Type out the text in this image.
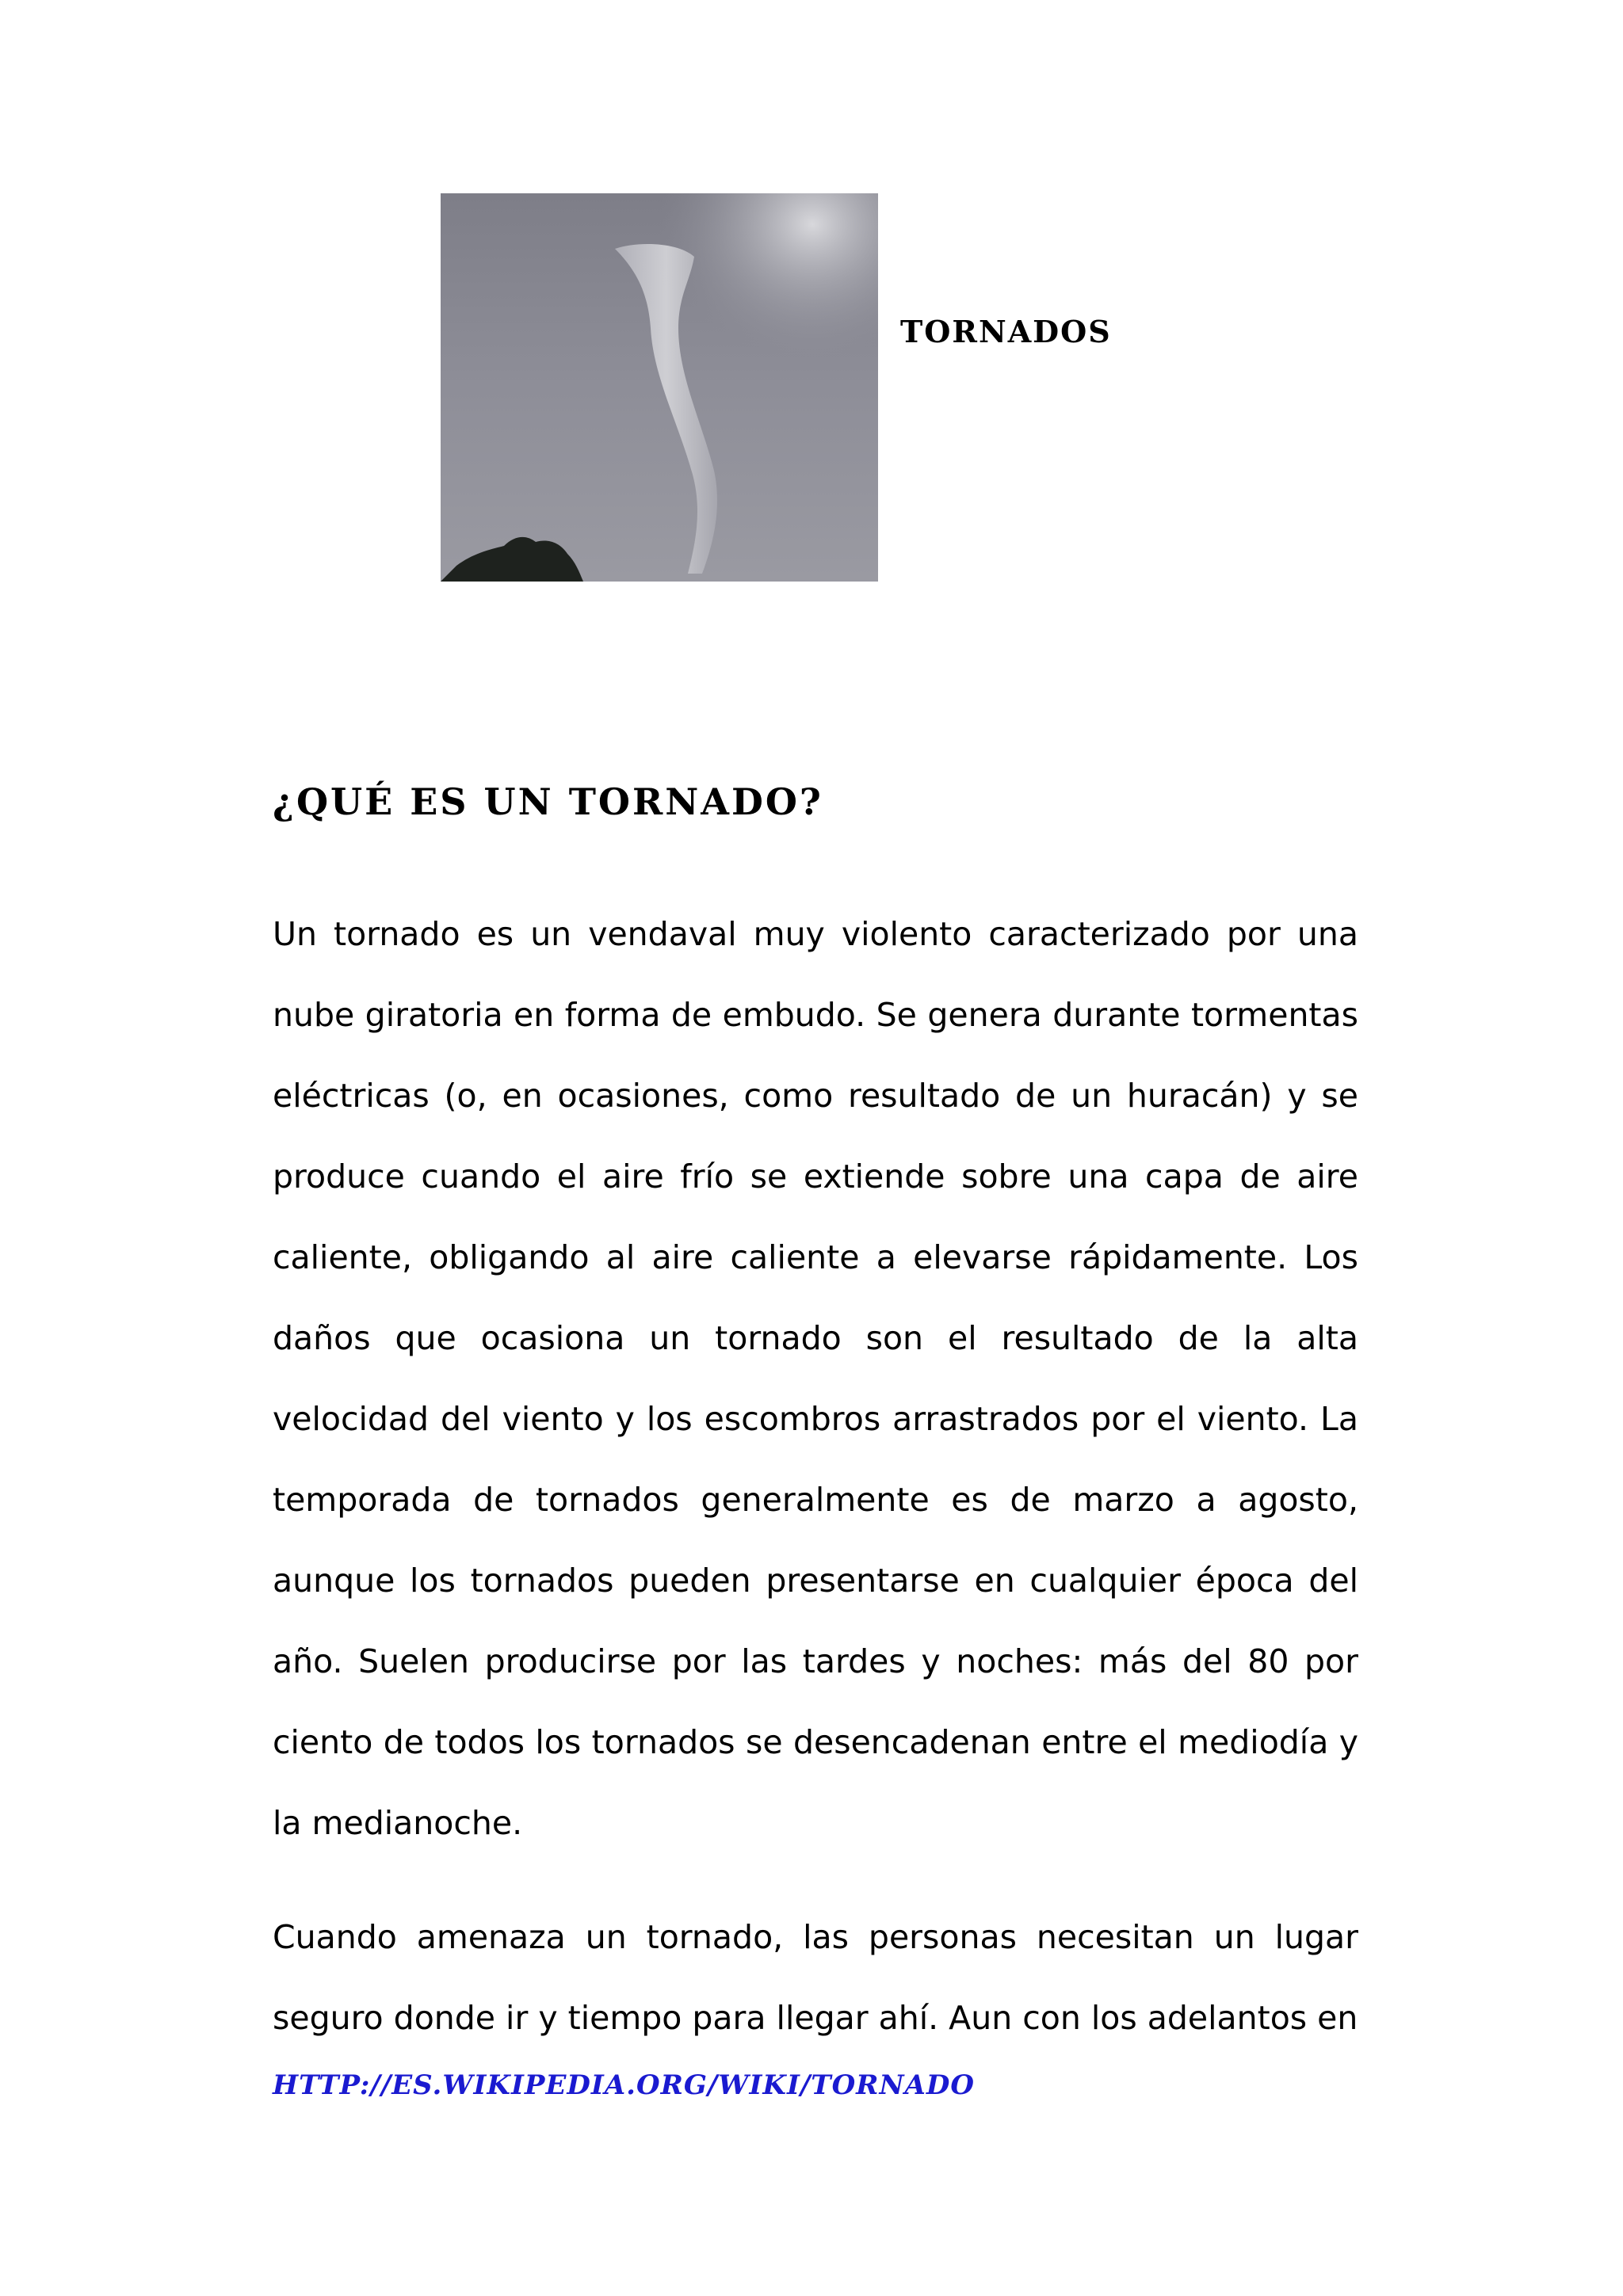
TORNADOS
¿QUÉ ES UN TORNADO?

Un tornado es un vendaval muy violento caracterizado por una nube giratoria en forma de embudo. Se genera durante tormentas eléctricas (o, en ocasiones, como resultado de un huracán) y se produce cuando el aire frío se extiende sobre una capa de aire caliente, obligando al aire caliente a elevarse rápidamente. Los daños que ocasiona un tornado son el resultado de la alta velocidad del viento y los escombros arrastrados por el viento. La temporada de tornados generalmente es de marzo a agosto, aunque los tornados pueden presentarse en cualquier época del año. Suelen producirse por las tardes y noches: más del 80 por ciento de todos los tornados se desencadenan entre el mediodía y la medianoche.

Cuando amenaza un tornado, las personas necesitan un lugar seguro donde ir y tiempo para llegar ahí. Aun con los adelantos en

HTTP://ES.WIKIPEDIA.ORG/WIKI/TORNADO
